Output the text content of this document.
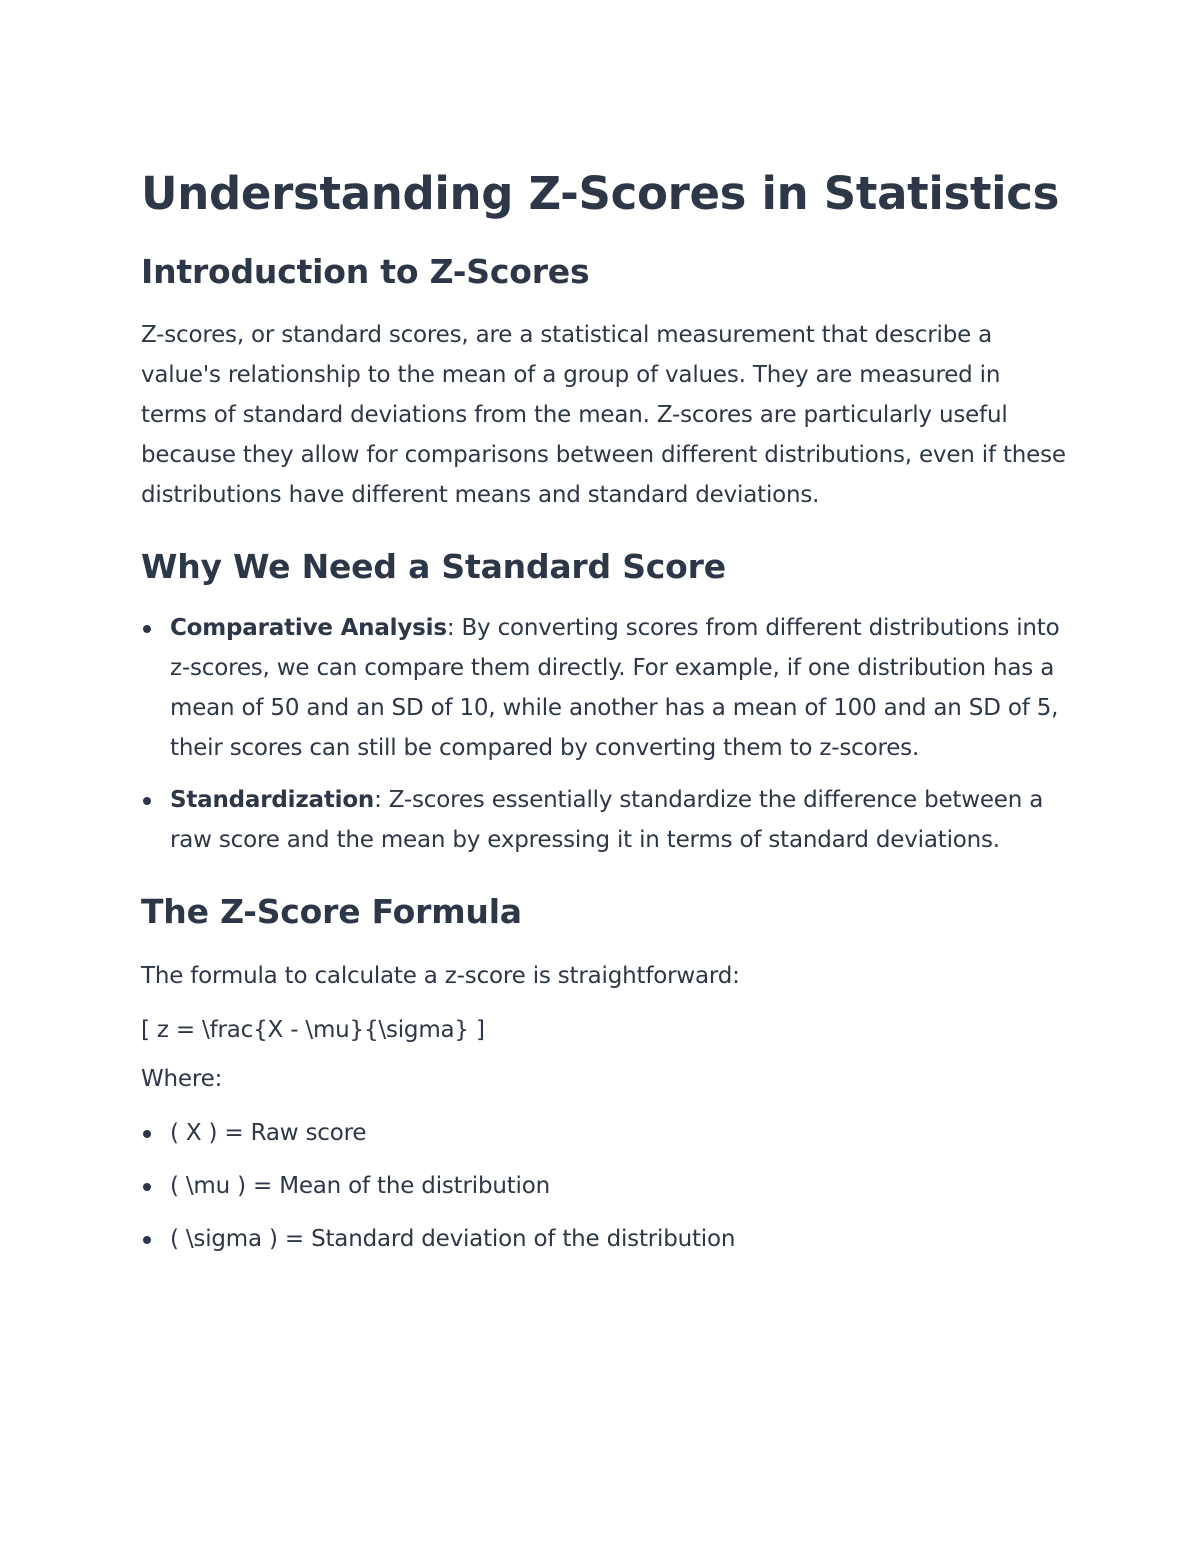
Understanding Z-Scores in Statistics
Introduction to Z-Scores

Z-scores, or standard scores, are a statistical measurement that describe a value's relationship to the mean of a group of values. They are measured in terms of standard deviations from the mean. Z-scores are particularly useful because they allow for comparisons between different distributions, even if these distributions have different means and standard deviations.

Why We Need a Standard Score
Comparative Analysis: By converting scores from different distributions into z-scores, we can compare them directly. For example, if one distribution has a mean of 50 and an SD of 10, while another has a mean of 100 and an SD of 5, their scores can still be compared by converting them to z-scores.
Standardization: Z-scores essentially standardize the difference between a raw score and the mean by expressing it in terms of standard deviations.
The Z-Score Formula

The formula to calculate a z-score is straightforward:

[ z = \frac{X - \mu}{\sigma} ]

Where:

( X ) = Raw score
( \mu ) = Mean of the distribution
( \sigma ) = Standard deviation of the distribution
